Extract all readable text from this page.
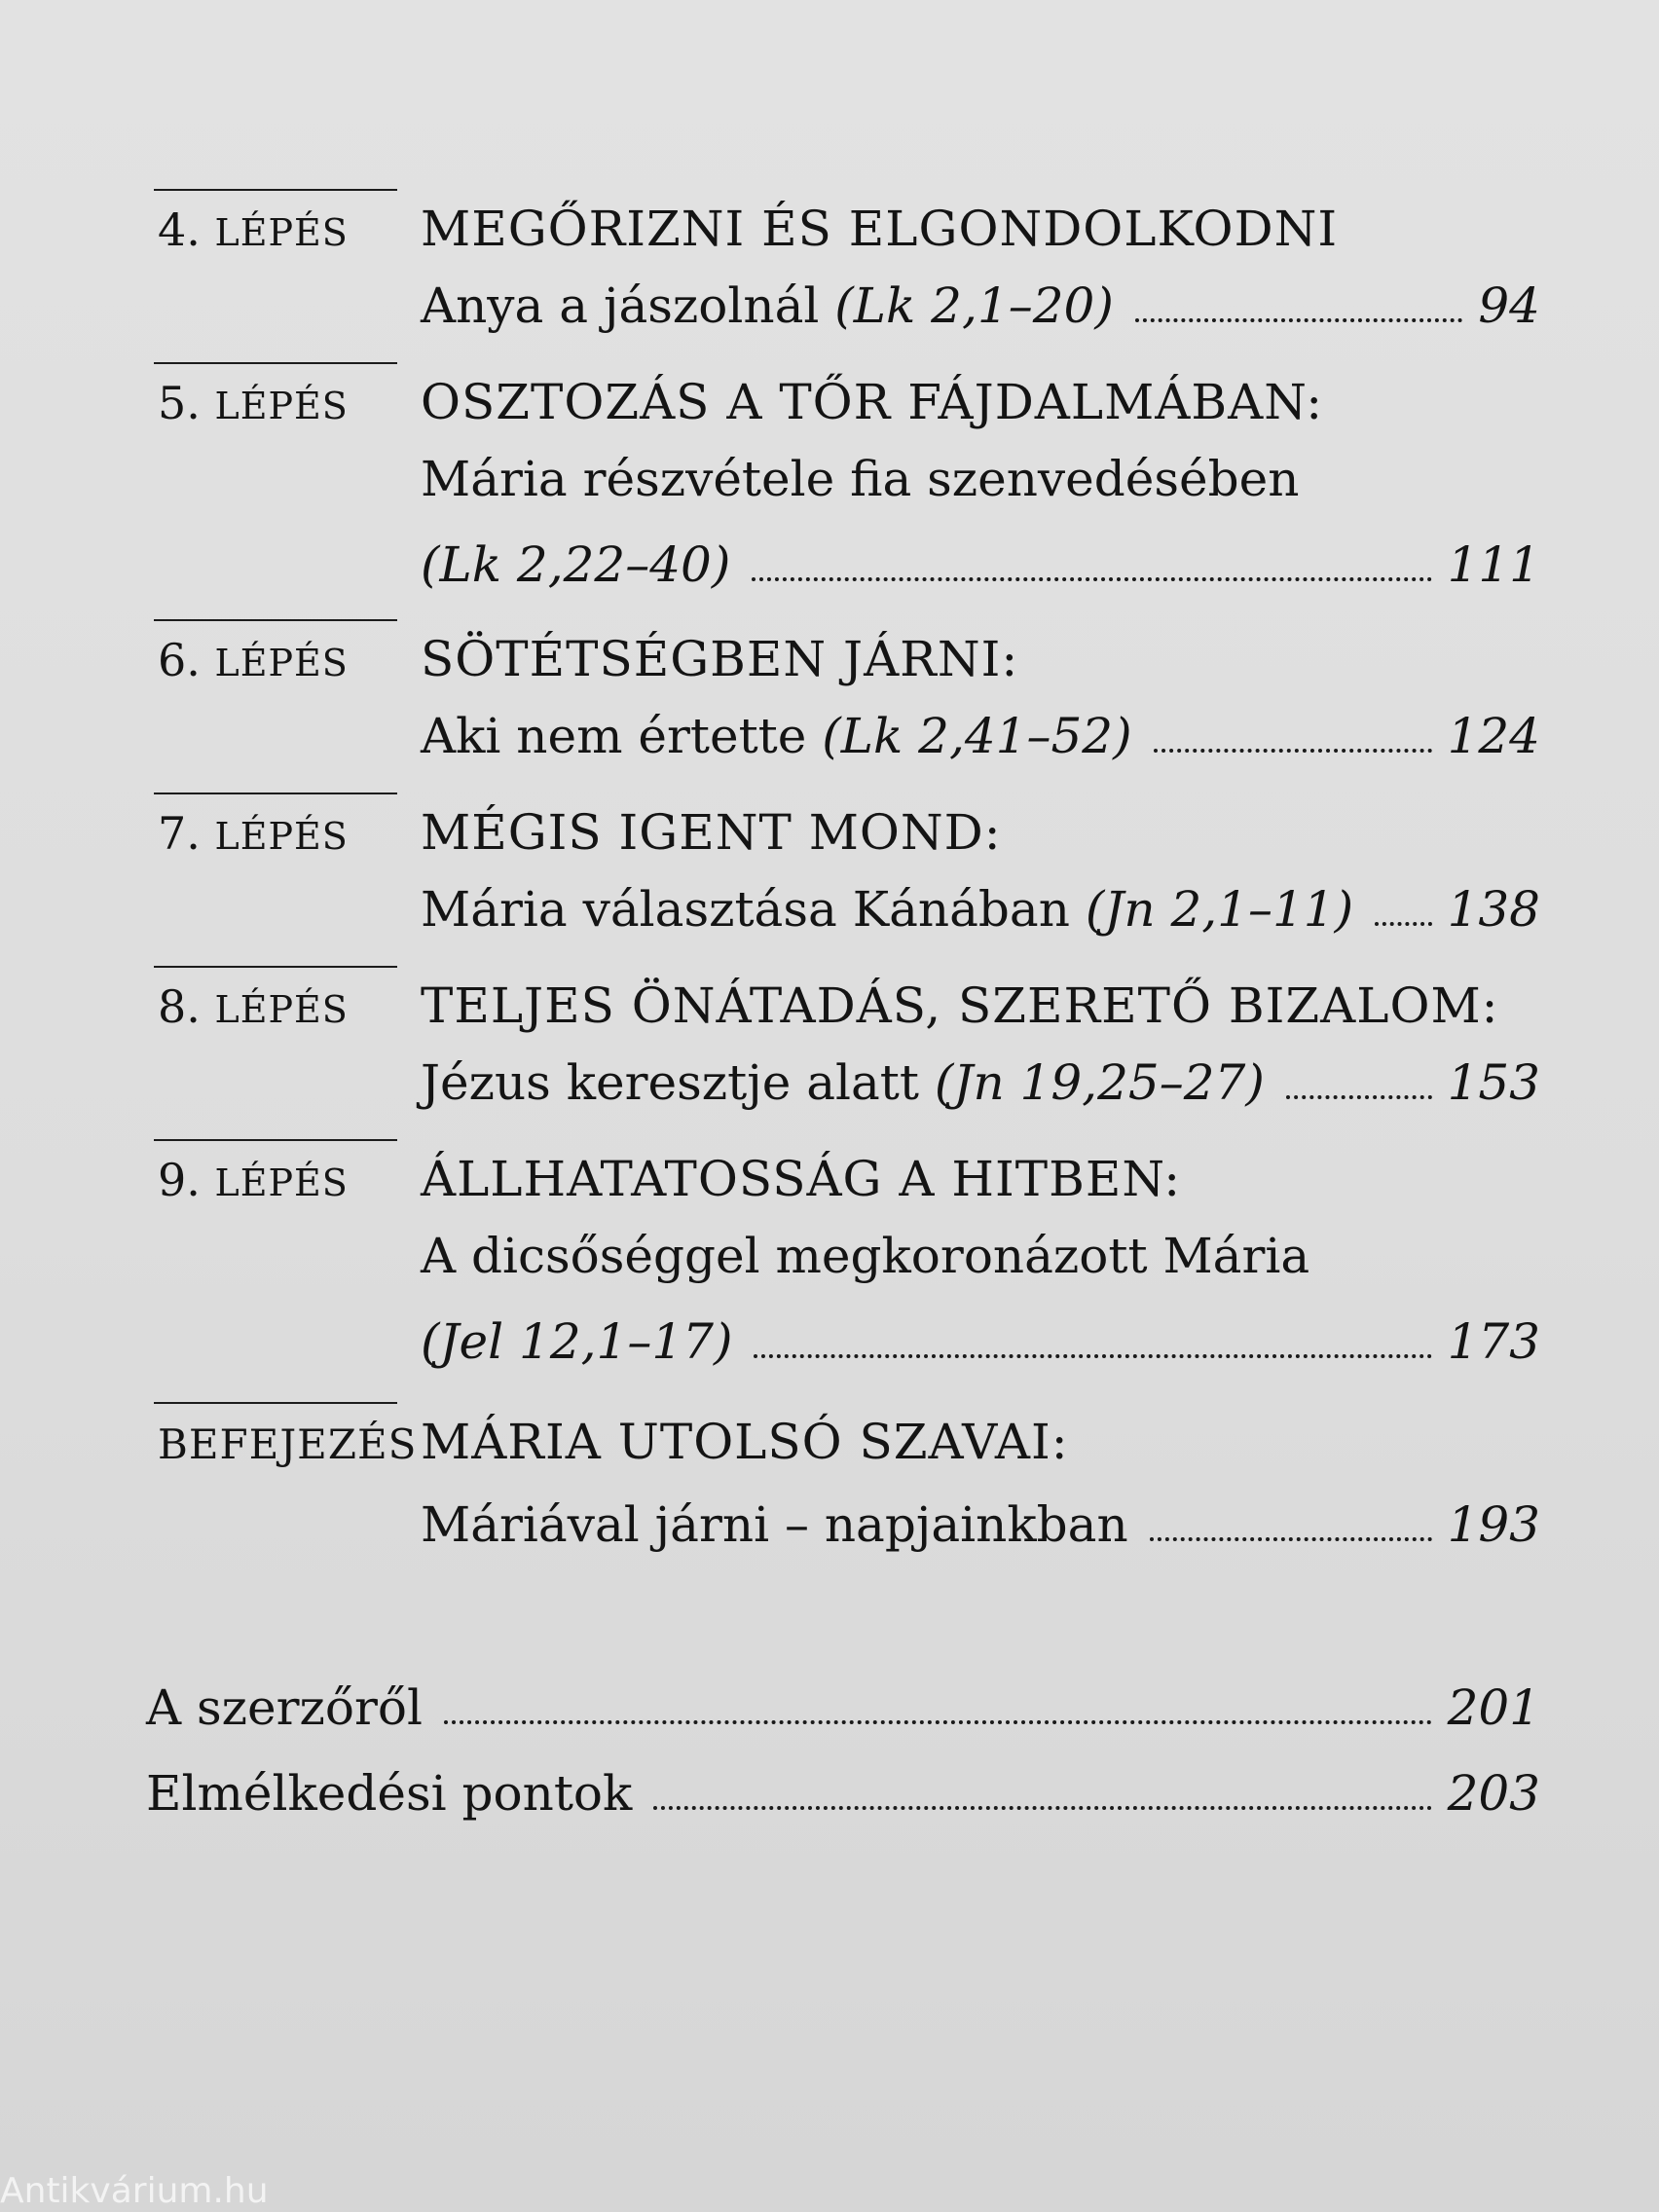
4. LÉPÉS MEGŐRIZNI ÉS ELGONDOLKODNI
Anya a jászolnál (Lk 2,1–20)	94
5. LÉPÉS OSZTOZÁS A TŐR FÁJDALMÁBAN:
Mária részvétele fia szenvedésében
(Lk 2,22–40)	111
6. LÉPÉS SÖTÉTSÉGBEN JÁRNI:
Aki nem értette (Lk 2,41–52)	124
7. LÉPÉS MÉGIS IGENT MOND:
Mária választása Kánában (Jn 2,1–11) 138
8. LÉPÉS TELJES ÖNÁTADÁS, SZERETŐ BIZALOM:
Jézus keresztje alatt (Jn 19,25–27)	153
9. LÉPÉS ÁLLHATATOSSÁG A HITBEN:
A dicsőséggel megkoronázott Mária
(Jel 12,1–17)	173
BEFEJEZÉS MÁRIA UTOLSÓ SZAVAI:
Máriával járni – napjainkban	193
A szerzőről	201
Elmélkedési pontok	203
Antikvárium.hu
